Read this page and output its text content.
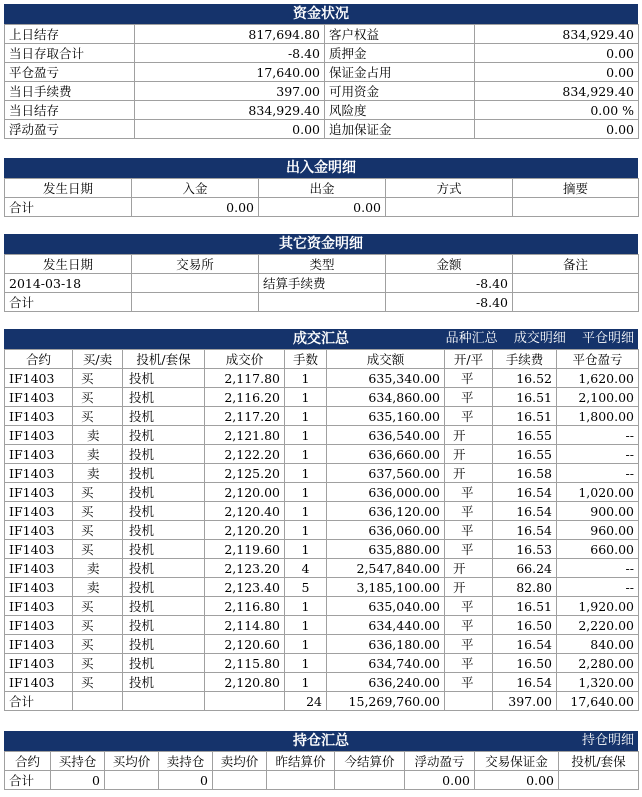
资金状况
上日结存	817,694.80	客户权益	834,929.40
当日存取合计	-8.40	质押金	0.00
平仓盈亏	17,640.00	保证金占用	0.00
当日手续费	397.00	可用资金	834,929.40
当日结存	834,929.40	风险度	0.00 %
浮动盈亏	0.00	追加保证金	0.00
出入金明细
发生日期	入金	出金	方式	摘要
合计	0.00	0.00		
其它资金明细
发生日期	交易所	类型	金额	备注
2014-03-18		结算手续费	-8.40	
合计			-8.40	
成交汇总	品种汇总 成交明细 平仓明细
合约	买/卖	投机/套保	成交价	手数	成交额	开/平	手续费	平仓盈亏
IF1403	买	投机	2,117.80	1	635,340.00	平	16.52	1,620.00
IF1403	买	投机	2,116.20	1	634,860.00	平	16.51	2,100.00
IF1403	买	投机	2,117.20	1	635,160.00	平	16.51	1,800.00
IF1403	卖	投机	2,121.80	1	636,540.00	开	16.55	--
IF1403	卖	投机	2,122.20	1	636,660.00	开	16.55	--
IF1403	卖	投机	2,125.20	1	637,560.00	开	16.58	--
IF1403	买	投机	2,120.00	1	636,000.00	平	16.54	1,020.00
IF1403	买	投机	2,120.40	1	636,120.00	平	16.54	900.00
IF1403	买	投机	2,120.20	1	636,060.00	平	16.54	960.00
IF1403	买	投机	2,119.60	1	635,880.00	平	16.53	660.00
IF1403	卖	投机	2,123.20	4	2,547,840.00	开	66.24	--
IF1403	卖	投机	2,123.40	5	3,185,100.00	开	82.80	--
IF1403	买	投机	2,116.80	1	635,040.00	平	16.51	1,920.00
IF1403	买	投机	2,114.80	1	634,440.00	平	16.50	2,220.00
IF1403	买	投机	2,120.60	1	636,180.00	平	16.54	840.00
IF1403	买	投机	2,115.80	1	634,740.00	平	16.50	2,280.00
IF1403	买	投机	2,120.80	1	636,240.00	平	16.54	1,320.00
合计				24	15,269,760.00		397.00	17,640.00
持仓汇总	持仓明细
合约	买持仓	买均价	卖持仓	卖均价	昨结算价	今结算价	浮动盈亏	交易保证金	投机/套保
合计	0		0				0.00	0.00	
